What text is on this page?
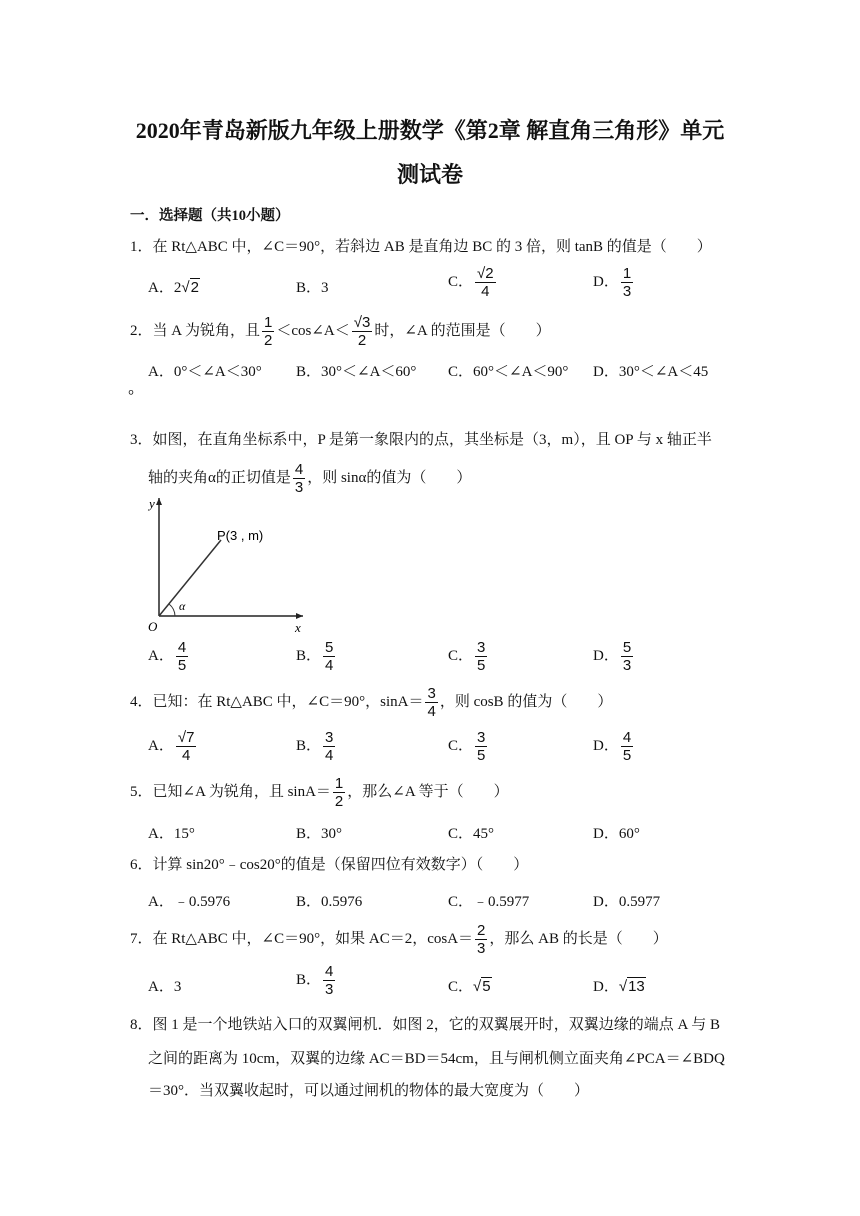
2020年青岛新版九年级上册数学《第2章 解直角三角形》单元
测试卷
一．选择题（共10小题）
1．在 Rt△ABC 中，∠C＝90°，若斜边 AB 是直角边 BC 的 3 倍，则 tanB 的值是（　　）
A．2√2	B．3	C． $\frac{√2}{4}$	D． $\frac{1}{3}$
2．当 A 为锐角，且 $\frac{1}{2}$ ＜cos∠A＜ $\frac{√3}{2}$ 时，∠A 的范围是（　　）
A．0°＜∠A＜30° B．30°＜∠A＜60° C．60°＜∠A＜90° D．30°＜∠A＜45
°
3．如图，在直角坐标系中，P 是第一象限内的点，其坐标是（3，m），且 OP 与 x 轴正半
轴的夹角α的正切值是 $\frac{4}{3}$ ，则 sinα的值为（　　）
y
x
O
α
P(3 , m)
A． $\frac{4}{5}$	B． $\frac{5}{4}$	C． $\frac{3}{5}$	D． $\frac{5}{3}$
4．已知：在 Rt△ABC 中，∠C＝90°，$\sin A= \frac{3}{4}$ ，则 cosB 的值为（　　）
A． $\frac{√7}{4}$	B． $\frac{3}{4}$	C． $\frac{3}{5}$	D． $\frac{4}{5}$
5．已知∠A 为锐角，且 $\sin A= \frac{1}{2}$ ，那么∠A 等于（　　）
A．15°	B．30°	C．45°	D．60°
6．计算 sin20°﹣cos20°的值是（保留四位有效数字）（　　）
A．﹣0.5976	B．0.5976	C．﹣0.5977	D．0.5977
7．在 Rt△ABC 中，∠C＝90°，如果 AC＝2，$\cos A= \frac{2}{3}$ ，那么 AB 的长是（　　）
A．3	B． $\frac{4}{3}$	C．√5	D．√13
8．图 1 是一个地铁站入口的双翼闸机．如图 2，它的双翼展开时，双翼边缘的端点 A 与 B
之间的距离为 10cm，双翼的边缘 AC＝BD＝54cm，且与闸机侧立面夹角∠PCA＝∠BDQ
＝30°．当双翼收起时，可以通过闸机的物体的最大宽度为（　　）
